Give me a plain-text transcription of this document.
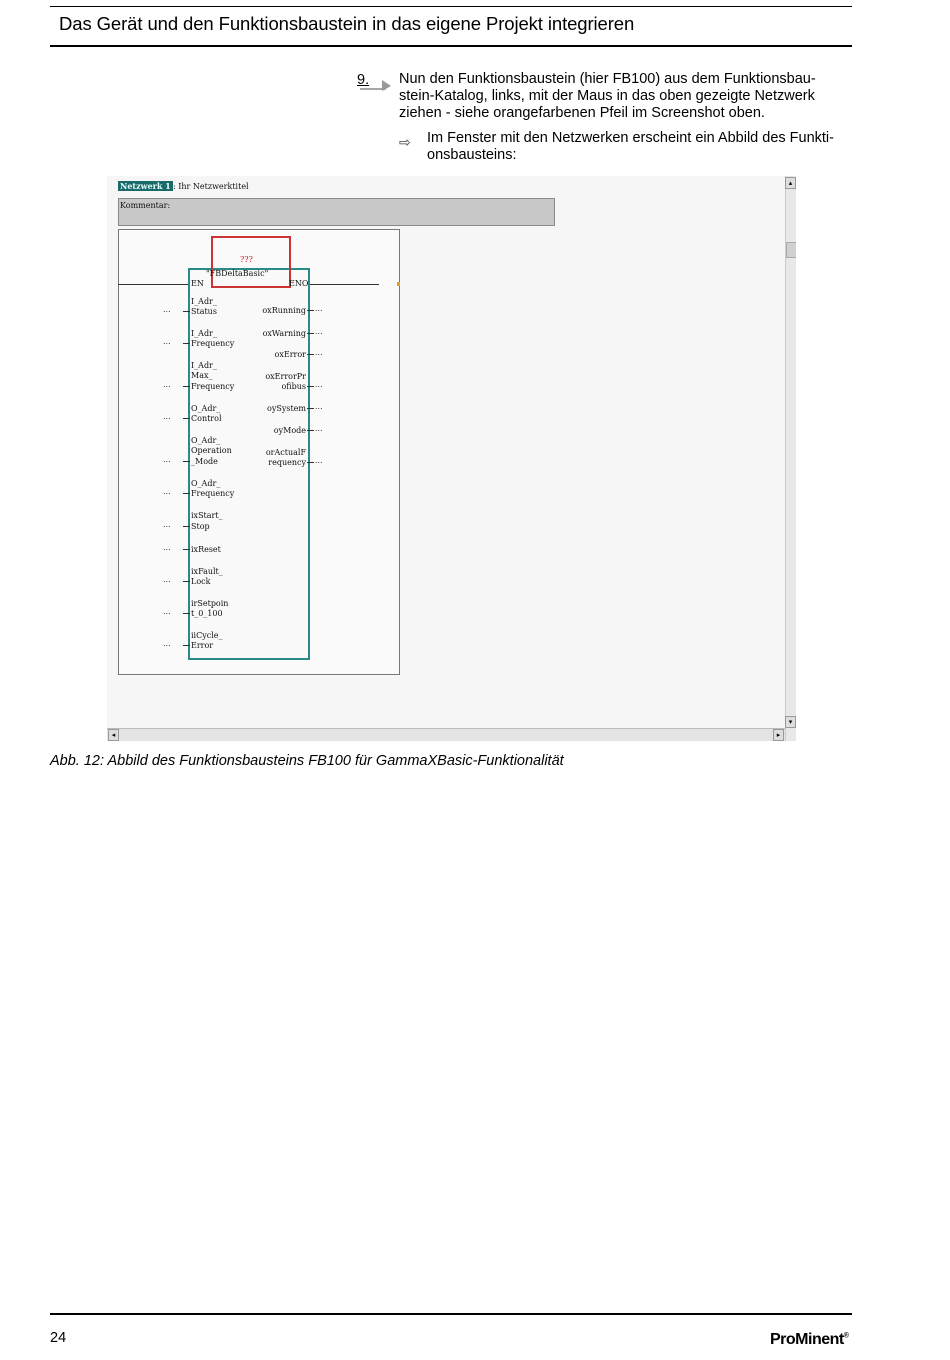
Das Gerät und den Funktionsbaustein in das eigene Projekt integrieren
9. Nun den Funktionsbaustein (hier FB100) aus dem Funktionsbau-stein-Katalog, links, mit der Maus in das oben gezeigte Netzwerk ziehen - siehe orangefarbenen Pfeil im Screenshot oben.
⇨ Im Fenster mit den Netzwerken erscheint ein Abbild des Funkti-onsbausteins:
Netzwerk 1 : Ihr Netzwerktitel
Kommentar:
???
"FBDeltaBasic"
EN	ENO
▴
▾
◂	▸
I_Adr_
Status
...
I_Adr_
Frequency
...
I_Adr_
Max_
Frequency
...
O_Adr_
Control
...
O_Adr_
Operation
_Mode
...
O_Adr_
Frequency
...
ixStart_
Stop
...
ixReset
...
ixFault_
Lock
...
irSetpoin
t_0_100
...
iiCycle_
Error
...
oxRunning ...
oxWarning ...
oxError ...
oxErrorPr
ofibus ...
oySystem ...
oyMode ...
orActualF
requency ...
Abb. 12: Abbild des Funktionsbausteins FB100 für GammaXBasic-Funktionalität
24	ProMinent®
